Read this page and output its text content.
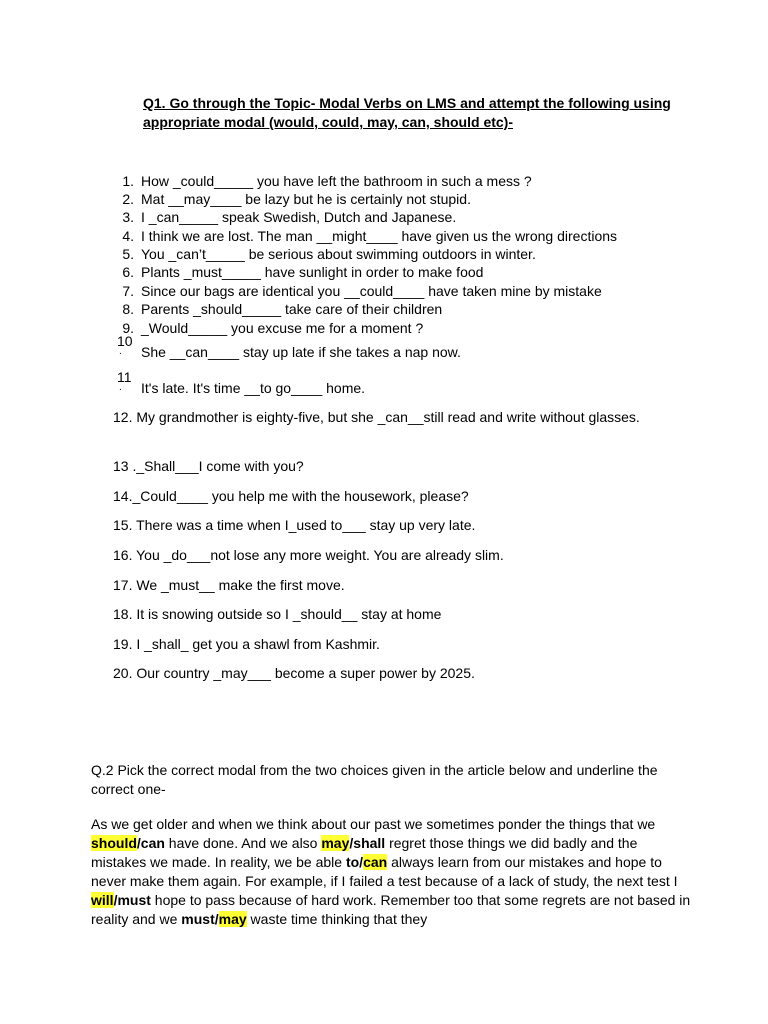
Q1. Go through the Topic- Modal Verbs on LMS and attempt the following using appropriate modal (would, could, may, can, should etc)-
1. How _could_____ you have left the bathroom in such a mess ?
2. Mat __may____ be lazy but he is certainly not stupid.
3. I _can_____ speak Swedish, Dutch and Japanese.
4. I think we are lost. The man __might____ have given us the wrong directions
5. You _can’t_____ be serious about swimming outdoors in winter.
6. Plants _must_____ have sunlight in order to make food
7. Since our bags are identical you __could____ have taken mine by mistake
8. Parents _should_____ take care of their children
9. _Would_____ you excuse me for a moment ?
10
.	She __can____ stay up late if she takes a nap now.
11
.	It's late. It's time __to go____ home.
12. My grandmother is eighty-five, but she _can__still read and write without glasses.
13 ._Shall___I come with you?
14._Could____ you help me with the housework, please?
15. There was a time when I_used to___ stay up very late.
16. You _do___not lose any more weight. You are already slim.
17. We _must__ make the first move.
18. It is snowing outside so I _should__ stay at home
19. I _shall_ get you a shawl from Kashmir.
20. Our country _may___ become a super power by 2025.
Q.2 Pick the correct modal from the two choices given in the article below and underline the correct one-
As we get older and when we think about our past we sometimes ponder the things that we should/can have done. And we also may/shall regret those things we did badly and the mistakes we made. In reality, we be able to/can always learn from our mistakes and hope to never make them again. For example, if I failed a test because of a lack of study, the next test I will/must hope to pass because of hard work. Remember too that some regrets are not based in reality and we must/may waste time thinking that they
